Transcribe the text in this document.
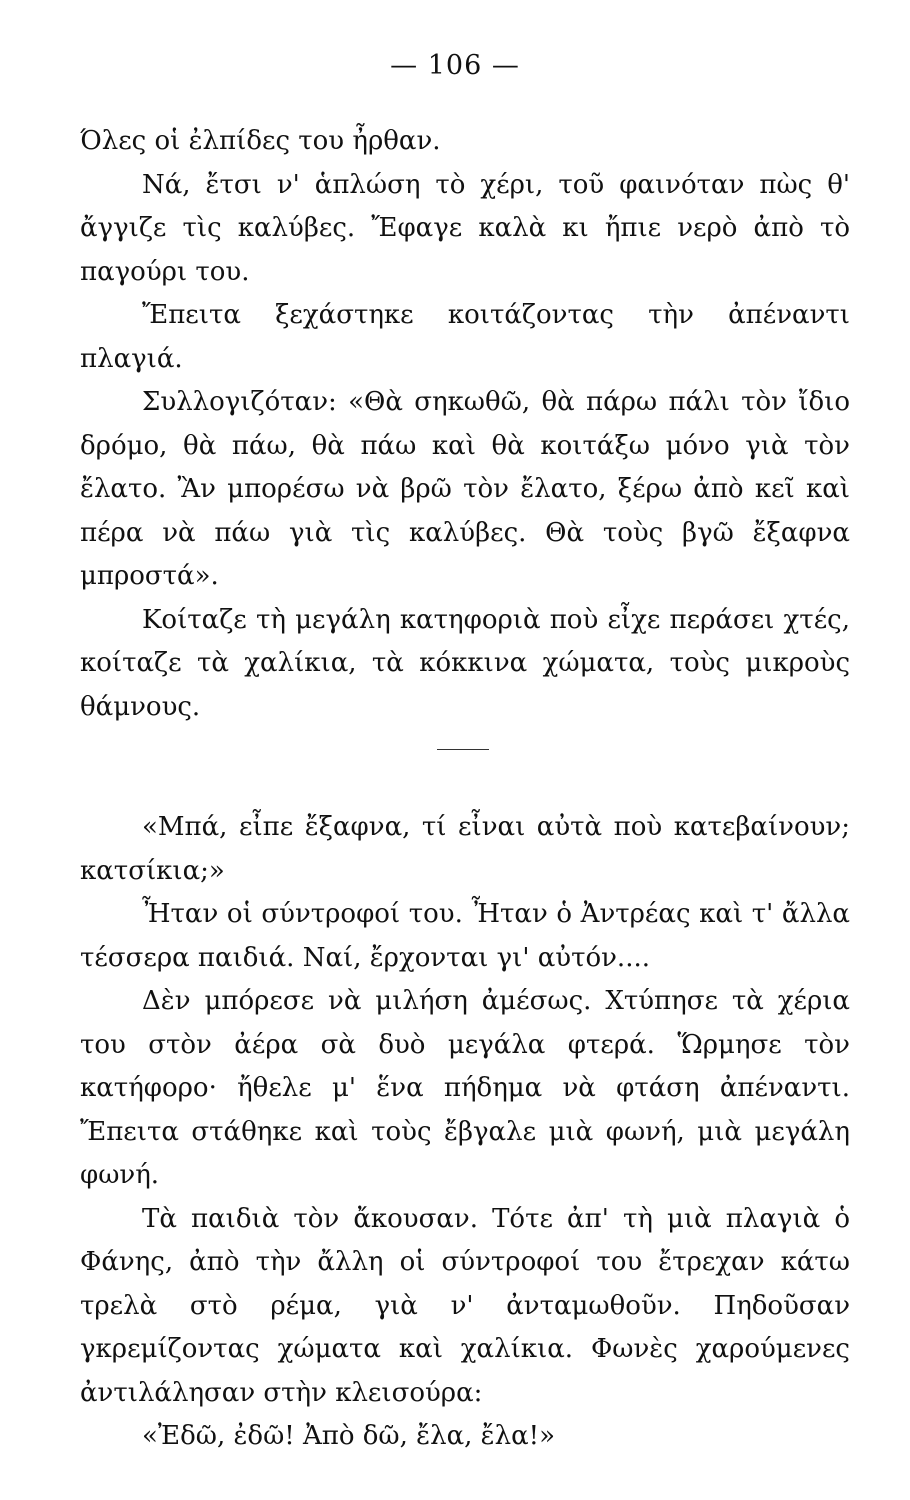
— 106 —

Όλες οἱ ἐλπίδες του ἦρθαν.

Νά, ἔτσι ν' ἁπλώση τὸ χέρι, τοῦ φαινόταν πὼς θ' ἄγγιζε τὶς καλύβες. Ἔφαγε καλὰ κι ἤπιε νερὸ ἀπὸ τὸ παγούρι του.

Ἔπειτα ξεχάστηκε κοιτάζοντας τὴν ἀπέναντι πλαγιά.

Συλλογιζόταν: «Θὰ σηκωθῶ, θὰ πάρω πάλι τὸν ἴδιο δρόμο, θὰ πάω, θὰ πάω καὶ θὰ κοιτάξω μόνο γιὰ τὸν ἔλατο. Ἂν μπορέσω νὰ βρῶ τὸν ἔλατο, ξέρω ἀπὸ κεῖ καὶ πέρα νὰ πάω γιὰ τὶς καλύβες. Θὰ τοὺς βγῶ ἔξαφνα μπροστά».

Κοίταζε τὴ μεγάλη κατηφοριὰ ποὺ εἶχε περάσει χτές, κοίταζε τὰ χαλίκια, τὰ κόκκινα χώματα, τοὺς μικροὺς θάμνους.

«Μπά, εἶπε ἔξαφνα, τί εἶναι αὐτὰ ποὺ κατεβαίνουν; κατσίκια;»

Ἦταν οἱ σύντροφοί του. Ἦταν ὁ Ἀντρέας καὶ τ' ἄλλα τέσσερα παιδιά. Ναί, ἔρχονται γι' αὐτόν....

Δὲν μπόρεσε νὰ μιλήση ἀμέσως. Χτύπησε τὰ χέρια του στὸν ἀέρα σὰ δυὸ μεγάλα φτερά. Ὥρμησε τὸν κατήφορο· ἤθελε μ' ἕνα πήδημα νὰ φτάση ἀπέναντι. Ἔπειτα στάθηκε καὶ τοὺς ἔβγαλε μιὰ φωνή, μιὰ μεγάλη φωνή.

Τὰ παιδιὰ τὸν ἄκουσαν. Τότε ἀπ' τὴ μιὰ πλαγιὰ ὁ Φάνης, ἀπὸ τὴν ἄλλη οἱ σύντροφοί του ἔτρεχαν κάτω τρελὰ στὸ ρέμα, γιὰ ν' ἀνταμωθοῦν. Πηδοῦσαν γκρεμίζοντας χώματα καὶ χαλίκια. Φωνὲς χαρούμενες ἀντιλάλησαν στὴν κλεισούρα:

«Ἐδῶ, ἐδῶ! Ἀπὸ δῶ, ἔλα, ἔλα!»
